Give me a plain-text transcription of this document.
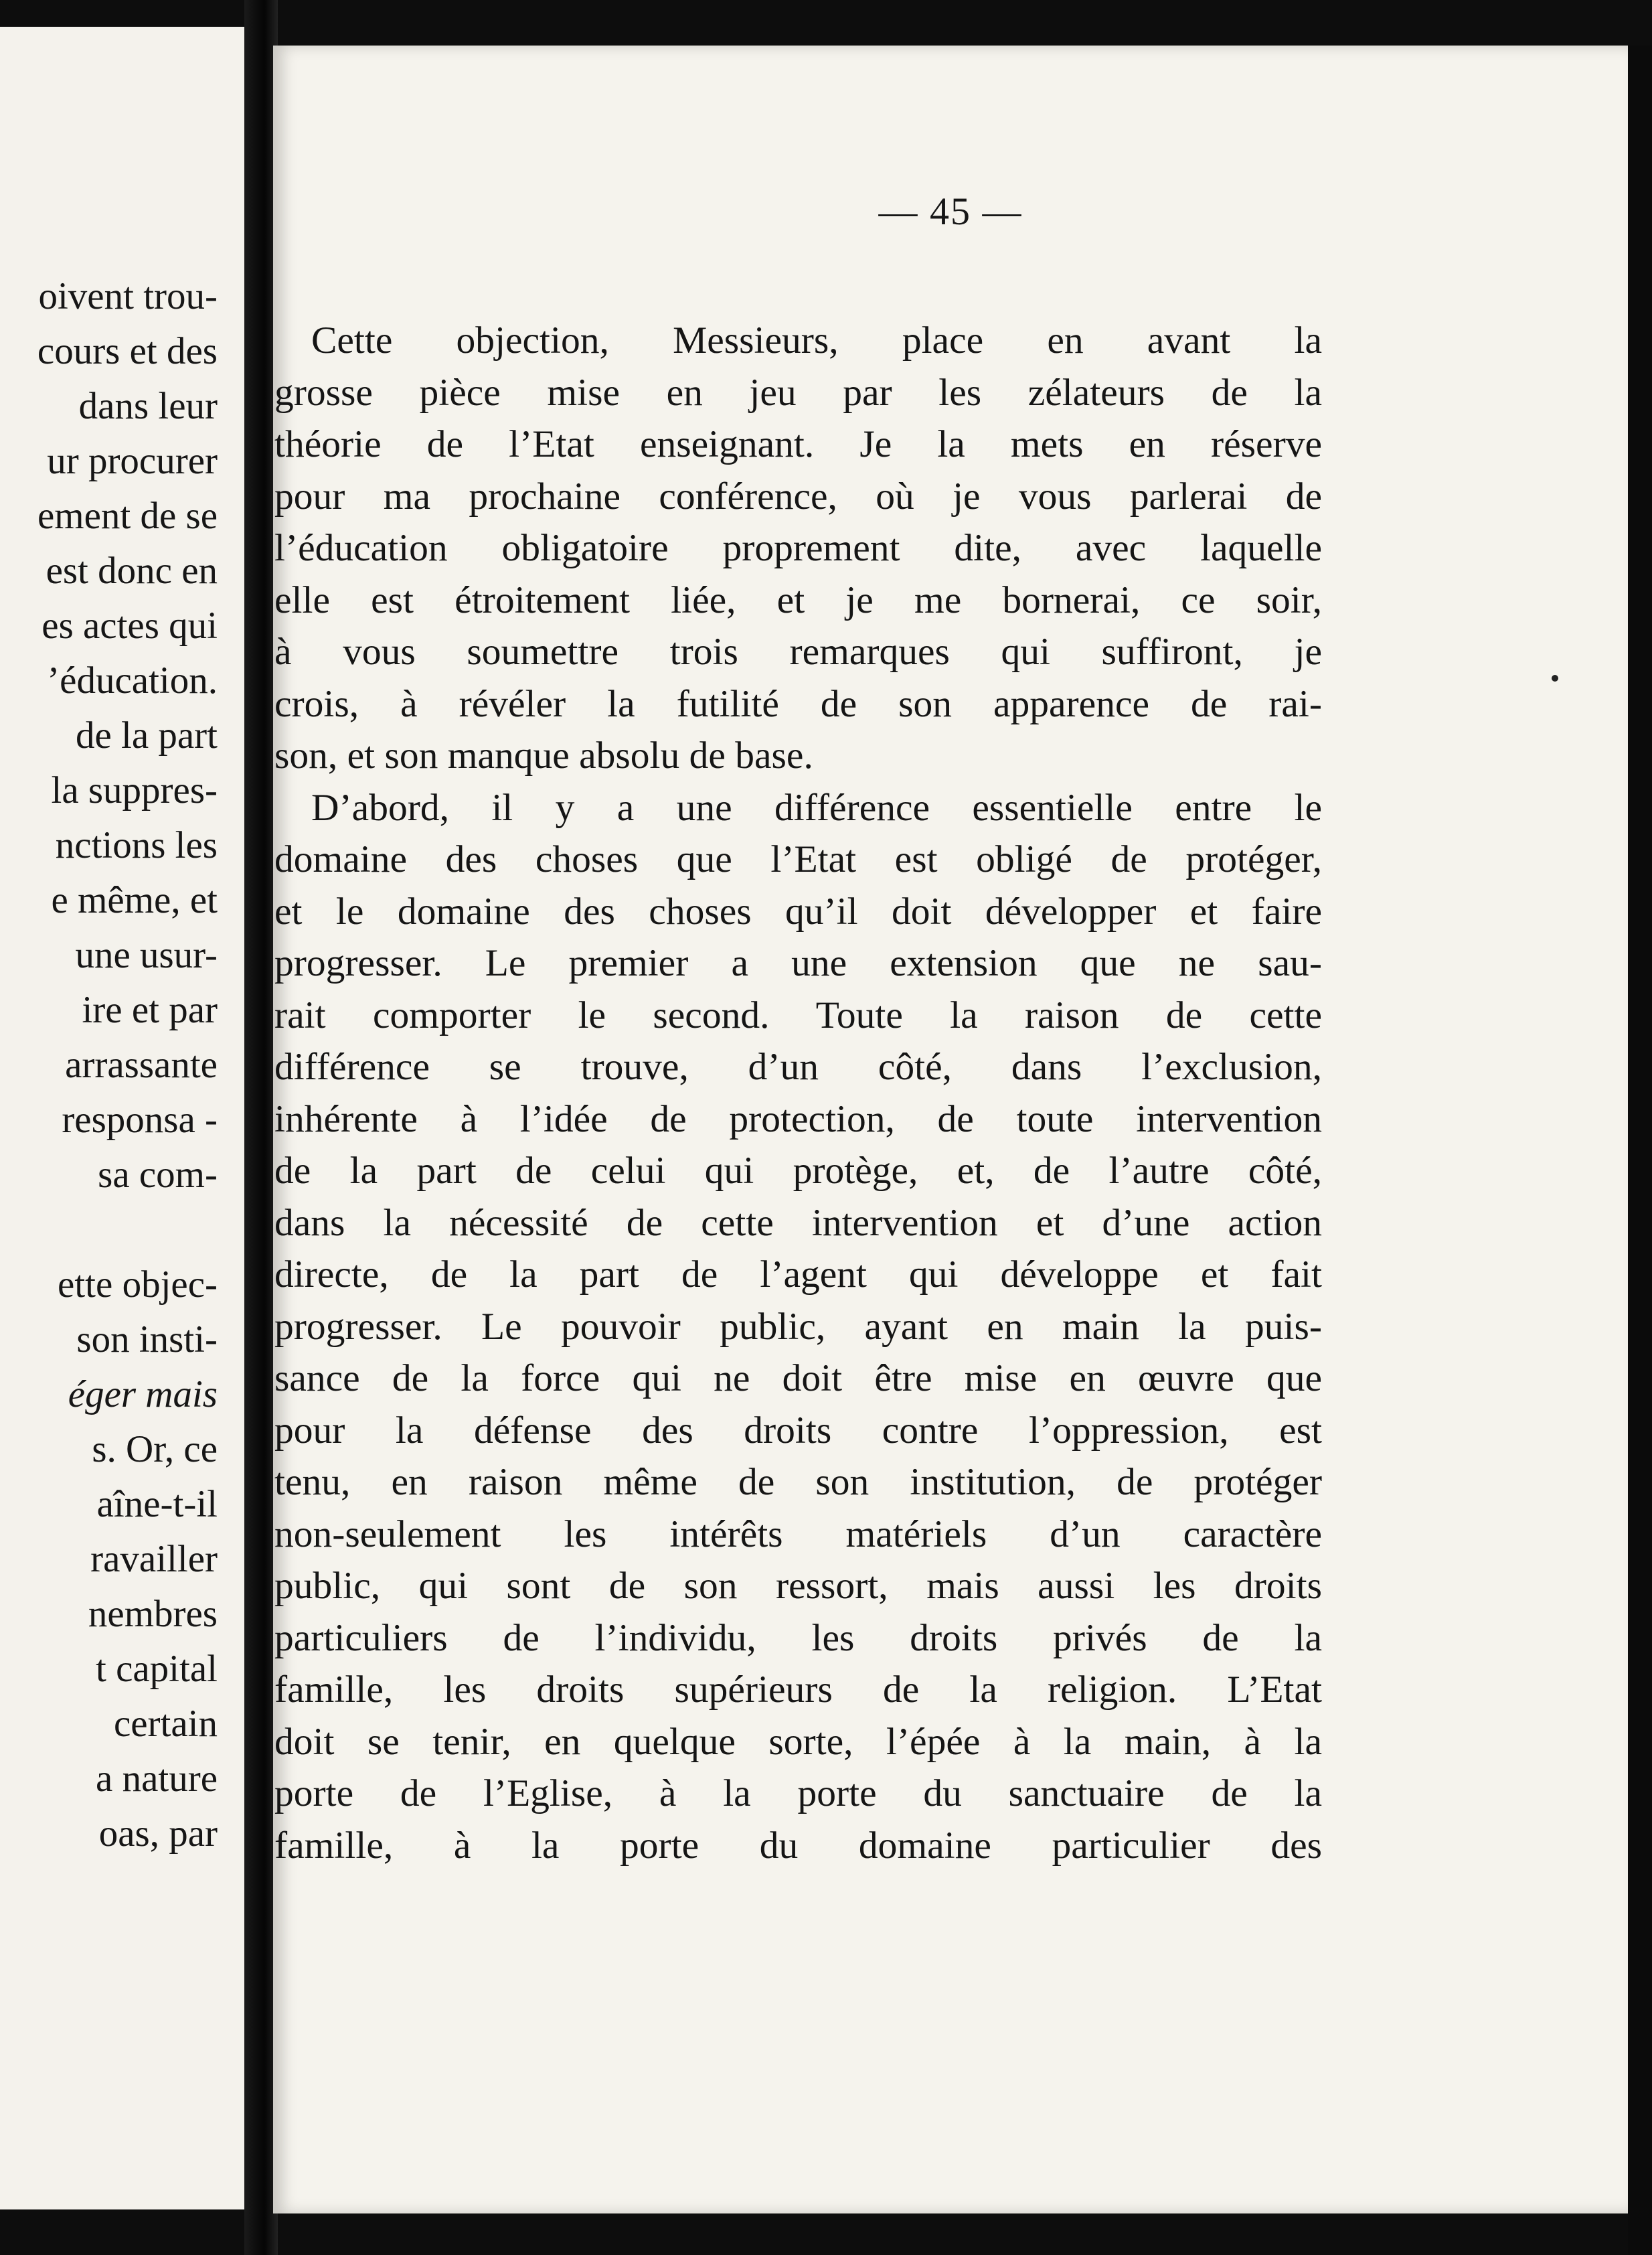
oivent trou-
cours et des
dans leur
ur procurer
ement de se
est donc en
es actes qui
’éducation.
de la part
la suppres-
nctions les
e même, et
une usur-
ire et par
arrassante
responsa -
sa com-
ette objec-
son insti-
éger mais
s. Or, ce
aîne-t-il
ravailler
nembres
t capital
certain
a nature
oas, par
— 45 —
Cette objection, Messieurs, place en avant la
grosse pièce mise en jeu par les zélateurs de la
théorie de l’Etat enseignant. Je la mets en réserve
pour ma prochaine conférence, où je vous parlerai de
l’éducation obligatoire proprement dite, avec laquelle
elle est étroitement liée, et je me bornerai, ce soir,
à vous soumettre trois remarques qui suffiront, je
crois, à révéler la futilité de son apparence de rai-
son, et son manque absolu de base.
D’abord, il y a une différence essentielle entre le
domaine des choses que l’Etat est obligé de protéger,
et le domaine des choses qu’il doit développer et faire
progresser. Le premier a une extension que ne sau-
rait comporter le second. Toute la raison de cette
différence se trouve, d’un côté, dans l’exclusion,
inhérente à l’idée de protection, de toute intervention
de la part de celui qui protège, et, de l’autre côté,
dans la nécessité de cette intervention et d’une action
directe, de la part de l’agent qui développe et fait
progresser. Le pouvoir public, ayant en main la puis-
sance de la force qui ne doit être mise en œuvre que
pour la défense des droits contre l’oppression, est
tenu, en raison même de son institution, de protéger
non-seulement les intérêts matériels d’un caractère
public, qui sont de son ressort, mais aussi les droits
particuliers de l’individu, les droits privés de la
famille, les droits supérieurs de la religion. L’Etat
doit se tenir, en quelque sorte, l’épée à la main, à la
porte de l’Eglise, à la porte du sanctuaire de la
famille, à la porte du domaine particulier des
